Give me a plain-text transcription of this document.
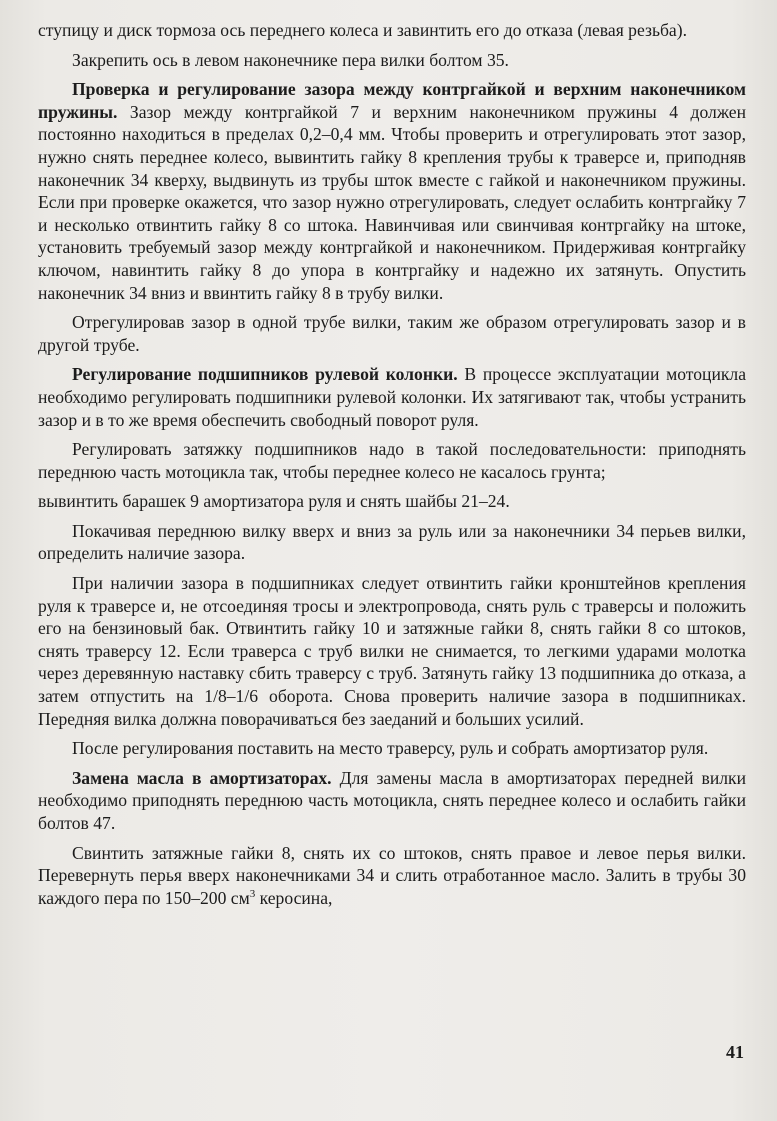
ступицу и диск тормоза ось переднего колеса и завинтить его до отказа (левая резьба).

Закрепить ось в левом наконечнике пера вилки болтом 35.

Проверка и регулирование зазора между контргайкой и верхним наконечником пружины. Зазор между контргайкой 7 и верхним наконечником пружины 4 должен постоянно находиться в пределах 0,2–0,4 мм. Чтобы проверить и отрегулировать этот зазор, нужно снять переднее колесо, вывинтить гайку 8 крепления трубы к траверсе и, приподняв наконечник 34 кверху, выдвинуть из трубы шток вместе с гайкой и наконечником пружины. Если при проверке окажется, что зазор нужно отрегулировать, следует ослабить контргайку 7 и несколько отвинтить гайку 8 со штока. Навинчивая или свинчивая контргайку на штоке, установить требуемый зазор между контргайкой и наконечником. Придерживая контргайку ключом, навинтить гайку 8 до упора в контргайку и надежно их затянуть. Опустить наконечник 34 вниз и ввинтить гайку 8 в трубу вилки.

Отрегулировав зазор в одной трубе вилки, таким же образом отрегулировать зазор и в другой трубе.

Регулирование подшипников рулевой колонки. В процессе эксплуатации мотоцикла необходимо регулировать подшипники рулевой колонки. Их затягивают так, чтобы устранить зазор и в то же время обеспечить свободный поворот руля.

Регулировать затяжку подшипников надо в такой последовательности: приподнять переднюю часть мотоцикла так, чтобы переднее колесо не касалось грунта;

вывинтить барашек 9 амортизатора руля и снять шайбы 21–24.

Покачивая переднюю вилку вверх и вниз за руль или за наконечники 34 перьев вилки, определить наличие зазора.

При наличии зазора в подшипниках следует отвинтить гайки кронштейнов крепления руля к траверсе и, не отсоединяя тросы и электропровода, снять руль с траверсы и положить его на бензиновый бак. Отвинтить гайку 10 и затяжные гайки 8, снять гайки 8 со штоков, снять траверсу 12. Если траверса с труб вилки не снимается, то легкими ударами молотка через деревянную наставку сбить траверсу с труб. Затянуть гайку 13 подшипника до отказа, а затем отпустить на 1/8–1/6 оборота. Снова проверить наличие зазора в подшипниках. Передняя вилка должна поворачиваться без заеданий и больших усилий.

После регулирования поставить на место траверсу, руль и собрать амортизатор руля.

Замена масла в амортизаторах. Для замены масла в амортизаторах передней вилки необходимо приподнять переднюю часть мотоцикла, снять переднее колесо и ослабить гайки болтов 47.

Свинтить затяжные гайки 8, снять их со штоков, снять правое и левое перья вилки. Перевернуть перья вверх наконечниками 34 и слить отработанное масло. Залить в трубы 30 каждого пера по 150–200 $см^3$ керосина,

41
